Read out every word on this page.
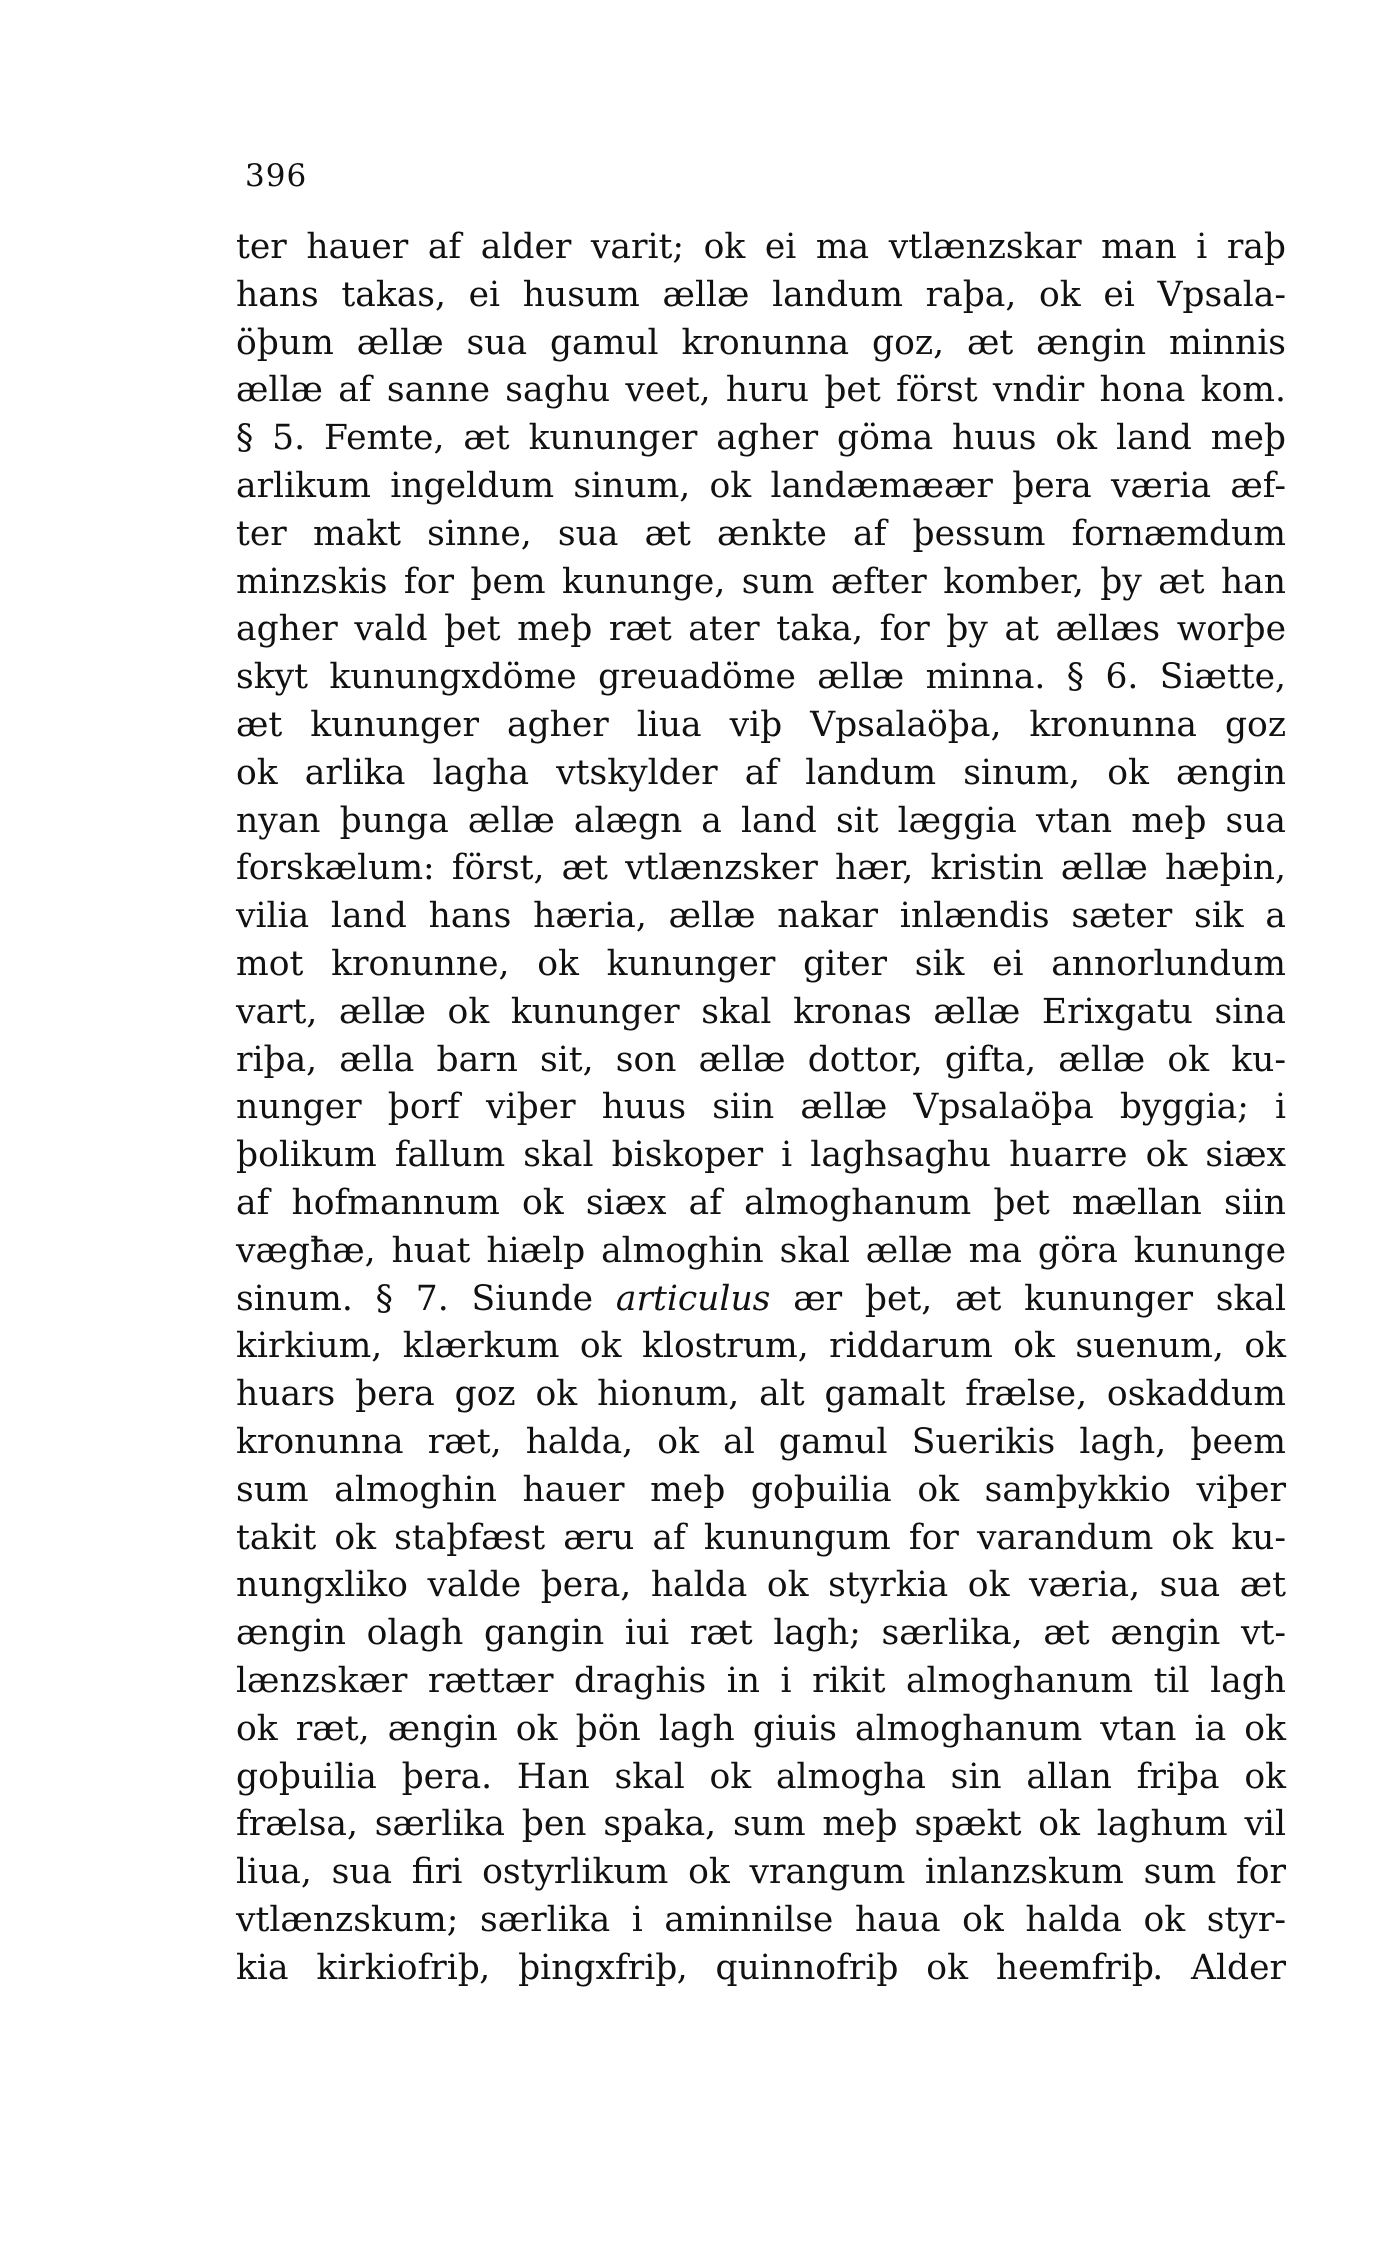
396
ter hauer af alder varit; ok ei ma vtlænzskar man i raþ
hans takas, ei husum ællæ landum raþa, ok ei Vpsala-
öþum ællæ sua gamul kronunna goz, æt ængin minnis
ællæ af sanne saghu veet, huru þet först vndir hona kom.
§ 5. Femte, æt kununger agher göma huus ok land meþ
arlikum ingeldum sinum, ok landæmæær þera væria æf-
ter makt sinne, sua æt ænkte af þessum fornæmdum
minzskis for þem kununge, sum æfter komber, þy æt han
agher vald þet meþ ræt ater taka, for þy at ællæs worþe
skyt kunungxdöme greuadöme ællæ minna. § 6. Siætte,
æt kununger agher liua viþ Vpsalaöþa, kronunna goz
ok arlika lagha vtskylder af landum sinum, ok ængin
nyan þunga ællæ alægn a land sit læggia vtan meþ sua
forskælum: först, æt vtlænzsker hær, kristin ællæ hæþin,
vilia land hans hæria, ællæ nakar inlændis sæter sik a
mot kronunne, ok kununger giter sik ei annorlundum
vart, ællæ ok kununger skal kronas ællæ Erixgatu sina
riþa, ælla barn sit, son ællæ dottor, gifta, ællæ ok ku-
nunger þorf viþer huus siin ællæ Vpsalaöþa byggia; i
þolikum fallum skal biskoper i laghsaghu huarre ok siæx
af hofmannum ok siæx af almoghanum þet mællan siin
vægħæ, huat hiælp almoghin skal ællæ ma göra kununge
sinum. § 7. Siunde articulus ær þet, æt kununger skal
kirkium, klærkum ok klostrum, riddarum ok suenum, ok
huars þera goz ok hionum, alt gamalt frælse, oskaddum
kronunna ræt, halda, ok al gamul Suerikis lagh, þeem
sum almoghin hauer meþ goþuilia ok samþykkio viþer
takit ok staþfæst æru af kunungum for varandum ok ku-
nungxliko valde þera, halda ok styrkia ok væria, sua æt
ængin olagh gangin iui ræt lagh; særlika, æt ængin vt-
lænzskær rættær draghis in i rikit almoghanum til lagh
ok ræt, ængin ok þön lagh giuis almoghanum vtan ia ok
goþuilia þera. Han skal ok almogha sin allan friþa ok
frælsa, særlika þen spaka, sum meþ spækt ok laghum vil
liua, sua firi ostyrlikum ok vrangum inlanzskum sum for
vtlænzskum; særlika i aminnilse haua ok halda ok styr-
kia kirkiofriþ, þingxfriþ, quinnofriþ ok heemfriþ. Alder
